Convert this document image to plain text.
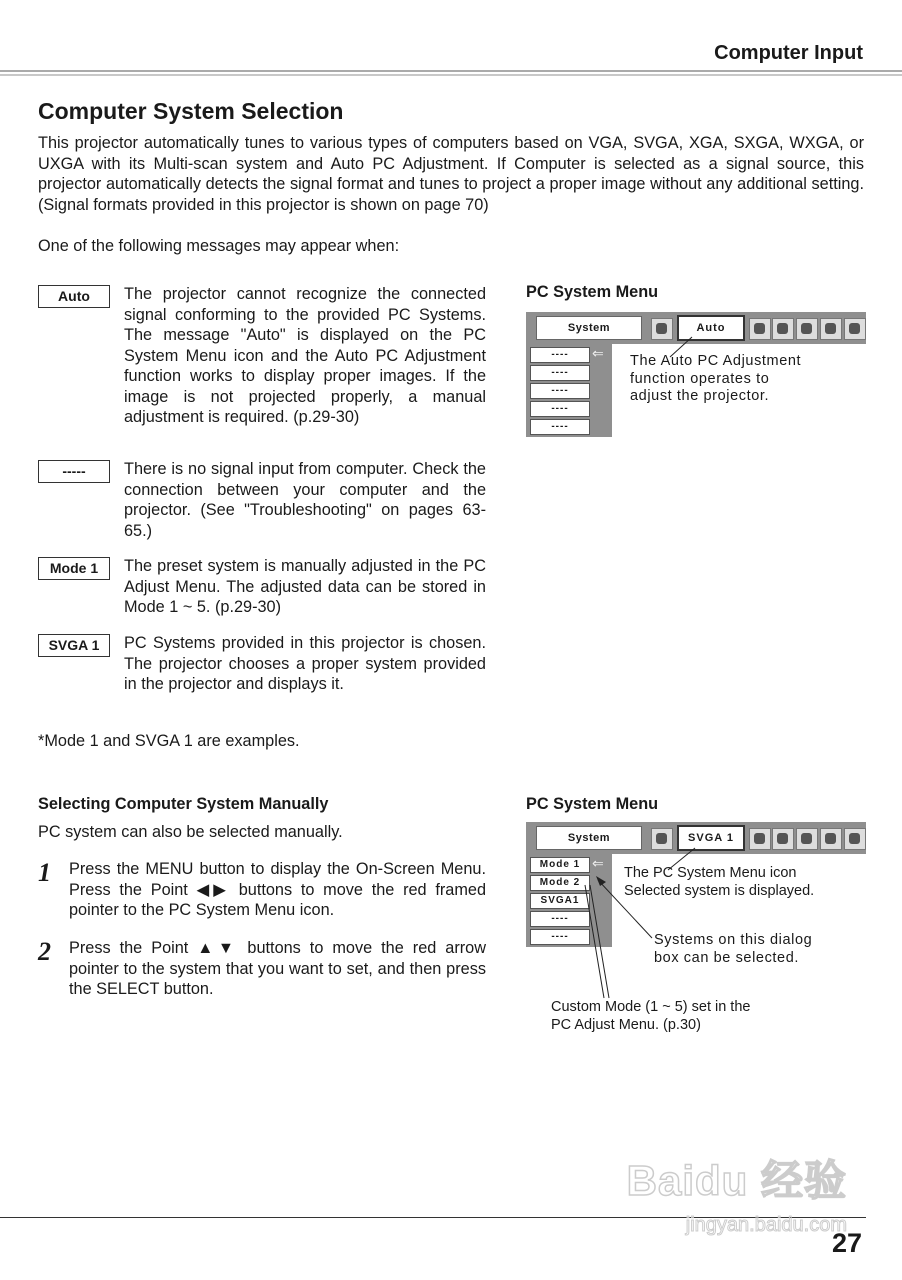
Computer Input
Computer System Selection
This projector automatically tunes to various types of computers based on VGA, SVGA, XGA, SXGA, WXGA, or UXGA with its Multi-scan system and Auto PC Adjustment. If Computer is selected as a signal source, this projector automatically detects the signal format and tunes to project a proper image without any additional setting. (Signal formats provided in this projector is shown on page 70)
One of the following messages may appear when:
Auto	The projector cannot recognize the connected signal conforming to the provided PC Systems. The message "Auto" is displayed on the PC System Menu icon and the Auto PC Adjustment function works to display proper images. If the image is not projected properly, a manual adjustment is required. (p.29-30)
-----	There is no signal input from computer. Check the connection between your computer and the projector. (See "Troubleshooting" on pages 63-65.)
Mode 1	The preset system is manually adjusted in the PC Adjust Menu. The adjusted data can be stored in Mode 1 ~ 5. (p.29-30)
SVGA 1	PC Systems provided in this projector is chosen. The projector chooses a proper system provided in the projector and displays it.
*Mode 1 and SVGA 1 are examples.
PC System Menu
System	Auto
----	⇐
----
----
----
----
The Auto PC Adjustment function operates to adjust the projector.
Selecting Computer System Manually
PC system can also be selected manually.
1 Press the MENU button to display the On-Screen Menu. Press the Point ◀▶ buttons to move the red framed pointer to the PC System Menu icon.
2 Press the Point ▲▼ buttons to move the red arrow pointer to the system that you want to set, and then press the SELECT button.
PC System Menu
System	SVGA 1
Mode 1 ⇐
Mode 2
SVGA1
----
----
The PC System Menu icon Selected system is displayed.
Systems on this dialog box can be selected.
Custom Mode (1 ~ 5) set in the PC Adjust Menu. (p.30)
Baidu 经验
jingyan.baidu.com
27
